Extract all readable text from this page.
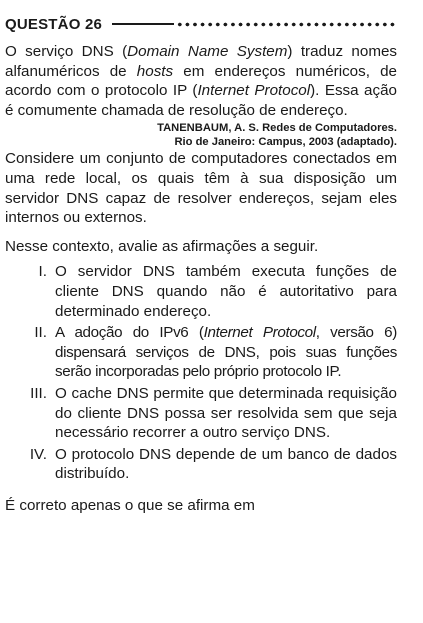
QUESTÃO 26

O serviço DNS (Domain Name System) traduz nomes alfanuméricos de hosts em endereços numéricos, de acordo com o protocolo IP (Internet Protocol). Essa ação é comumente chamada de resolução de endereço.

TANENBAUM, A. S. Redes de Computadores.
Rio de Janeiro: Campus, 2003 (adaptado).

Considere um conjunto de computadores conectados em uma rede local, os quais têm à sua disposição um servidor DNS capaz de resolver endereços, sejam eles internos ou externos.

Nesse contexto, avalie as afirmações a seguir.

I. O servidor DNS também executa funções de cliente DNS quando não é autoritativo para determinado endereço.
II. A adoção do IPv6 (Internet Protocol, versão 6) dispensará serviços de DNS, pois suas funções serão incorporadas pelo próprio protocolo IP.
III. O cache DNS permite que determinada requisição do cliente DNS possa ser resolvida sem que seja necessário recorrer a outro serviço DNS.
IV. O protocolo DNS depende de um banco de dados distribuído.

É correto apenas o que se afirma em
